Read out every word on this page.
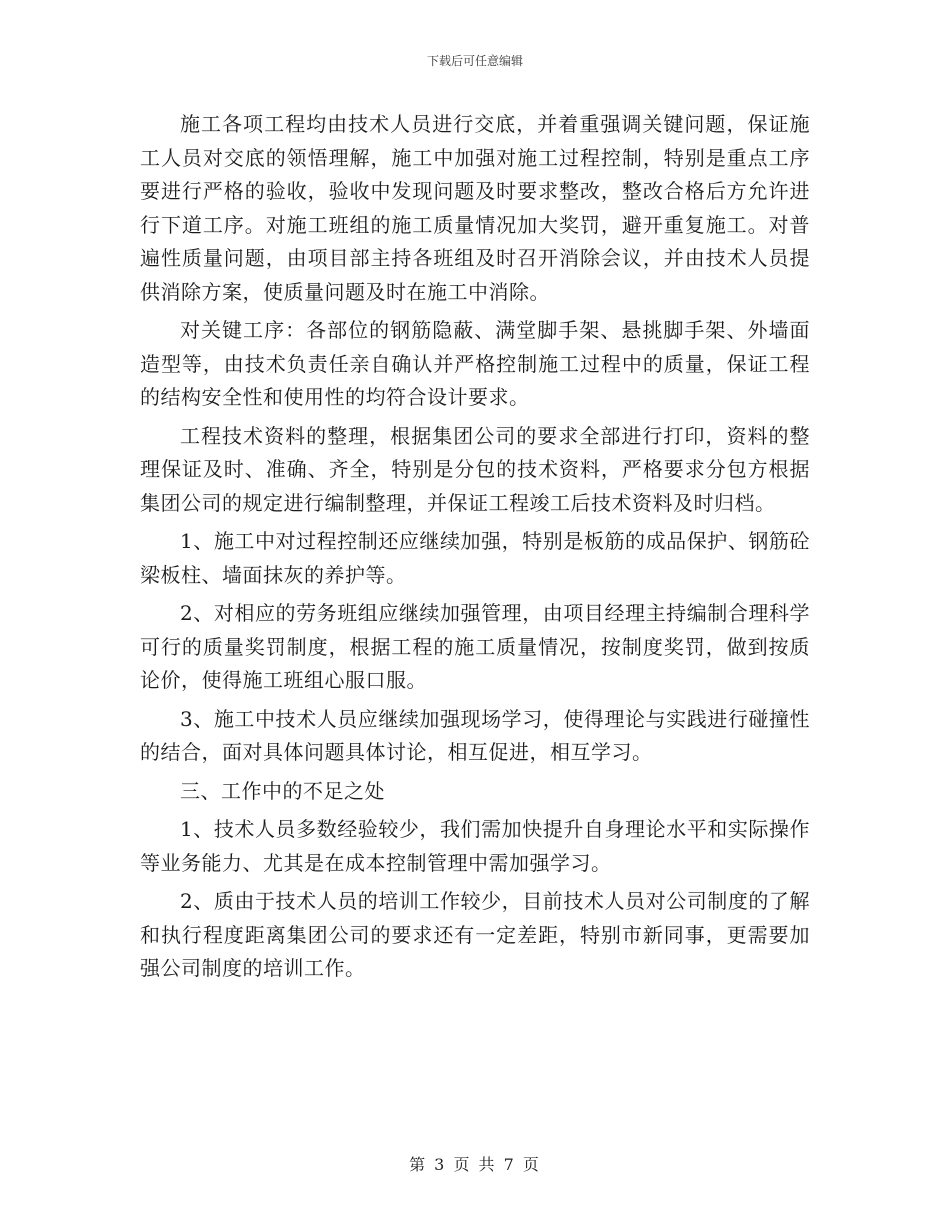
下载后可任意编辑

施工各项工程均由技术人员进行交底，并着重强调关键问题，保证施工人员对交底的领悟理解，施工中加强对施工过程控制，特别是重点工序要进行严格的验收，验收中发现问题及时要求整改，整改合格后方允许进行下道工序。对施工班组的施工质量情况加大奖罚，避开重复施工。对普遍性质量问题，由项目部主持各班组及时召开消除会议，并由技术人员提供消除方案，使质量问题及时在施工中消除。

对关键工序：各部位的钢筋隐蔽、满堂脚手架、悬挑脚手架、外墙面造型等，由技术负责任亲自确认并严格控制施工过程中的质量，保证工程的结构安全性和使用性的均符合设计要求。

工程技术资料的整理，根据集团公司的要求全部进行打印，资料的整理保证及时、准确、齐全，特别是分包的技术资料，严格要求分包方根据集团公司的规定进行编制整理，并保证工程竣工后技术资料及时归档。

1、施工中对过程控制还应继续加强，特别是板筋的成品保护、钢筋砼梁板柱、墙面抹灰的养护等。

2、对相应的劳务班组应继续加强管理，由项目经理主持编制合理科学可行的质量奖罚制度，根据工程的施工质量情况，按制度奖罚，做到按质论价，使得施工班组心服口服。

3、施工中技术人员应继续加强现场学习，使得理论与实践进行碰撞性的结合，面对具体问题具体讨论，相互促进，相互学习。

三、工作中的不足之处

1、技术人员多数经验较少，我们需加快提升自身理论水平和实际操作等业务能力、尤其是在成本控制管理中需加强学习。

2、质由于技术人员的培训工作较少，目前技术人员对公司制度的了解和执行程度距离集团公司的要求还有一定差距，特别市新同事，更需要加强公司制度的培训工作。

第 3 页 共 7 页
